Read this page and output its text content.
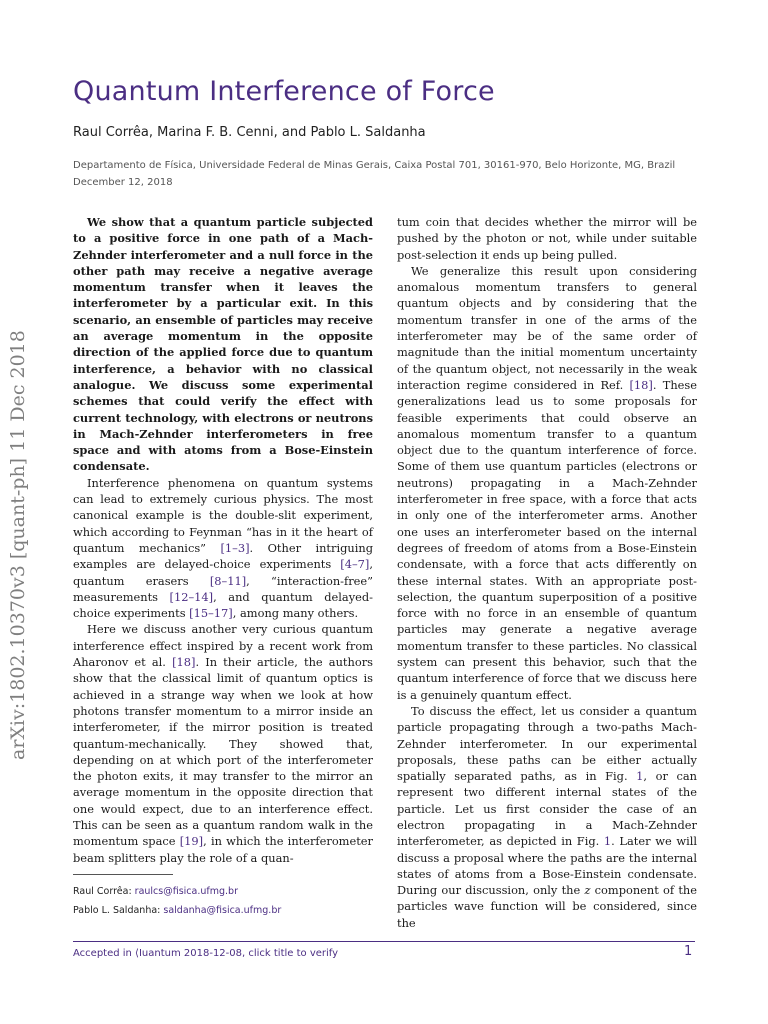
Quantum Interference of Force
Raul Corrêa, Marina F. B. Cenni, and Pablo L. Saldanha
Departamento de Física, Universidade Federal de Minas Gerais, Caixa Postal 701, 30161-970, Belo Horizonte, MG, Brazil
December 12, 2018
arXiv:1802.10370v3 [quant-ph] 11 Dec 2018

We show that a quantum particle subjected to a positive force in one path of a Mach-Zehnder interferometer and a null force in the other path may receive a negative average momentum transfer when it leaves the interferometer by a particular exit. In this scenario, an ensemble of particles may receive an average momentum in the opposite direction of the applied force due to quantum interference, a behavior with no classical analogue. We discuss some experimental schemes that could verify the effect with current technology, with electrons or neutrons in Mach-Zehnder interferometers in free space and with atoms from a Bose-Einstein condensate.

Interference phenomena on quantum systems can lead to extremely curious physics. The most canonical example is the double-slit experiment, which according to Feynman “has in it the heart of quantum mechanics” [1–3]. Other intriguing examples are delayed-choice experiments [4–7], quantum erasers [8–11], “interaction-free” measurements [12–14], and quantum delayed-choice experiments [15–17], among many others.

Here we discuss another very curious quantum interference effect inspired by a recent work from Aharonov et al. [18]. In their article, the authors show that the classical limit of quantum optics is achieved in a strange way when we look at how photons transfer momentum to a mirror inside an interferometer, if the mirror position is treated quantum-mechanically. They showed that, depending on at which port of the interferometer the photon exits, it may transfer to the mirror an average momentum in the opposite direction that one would expect, due to an interference effect. This can be seen as a quantum random walk in the momentum space [19], in which the interferometer beam splitters play the role of a quan-

tum coin that decides whether the mirror will be pushed by the photon or not, while under suitable post-selection it ends up being pulled.

We generalize this result upon considering anomalous momentum transfers to general quantum objects and by considering that the momentum transfer in one of the arms of the interferometer may be of the same order of magnitude than the initial momentum uncertainty of the quantum object, not necessarily in the weak interaction regime considered in Ref. [18]. These generalizations lead us to some proposals for feasible experiments that could observe an anomalous momentum transfer to a quantum object due to the quantum interference of force. Some of them use quantum particles (electrons or neutrons) propagating in a Mach-Zehnder interferometer in free space, with a force that acts in only one of the interferometer arms. Another one uses an interferometer based on the internal degrees of freedom of atoms from a Bose-Einstein condensate, with a force that acts differently on these internal states. With an appropriate post-selection, the quantum superposition of a positive force with no force in an ensemble of quantum particles may generate a negative average momentum transfer to these particles. No classical system can present this behavior, such that the quantum interference of force that we discuss here is a genuinely quantum effect.

To discuss the effect, let us consider a quantum particle propagating through a two-paths Mach-Zehnder interferometer. In our experimental proposals, these paths can be either actually spatially separated paths, as in Fig. 1, or can represent two different internal states of the particle. Let us first consider the case of an electron propagating in a Mach-Zehnder interferometer, as depicted in Fig. 1. Later we will discuss a proposal where the paths are the internal states of atoms from a Bose-Einstein condensate. During our discussion, only the z component of the particles wave function will be considered, since the

Raul Corrêa: raulcs@fisica.ufmg.br
Pablo L. Saldanha: saldanha@fisica.ufmg.br
Accepted in ⟨Iuantum 2018-12-08, click title to verify	1
